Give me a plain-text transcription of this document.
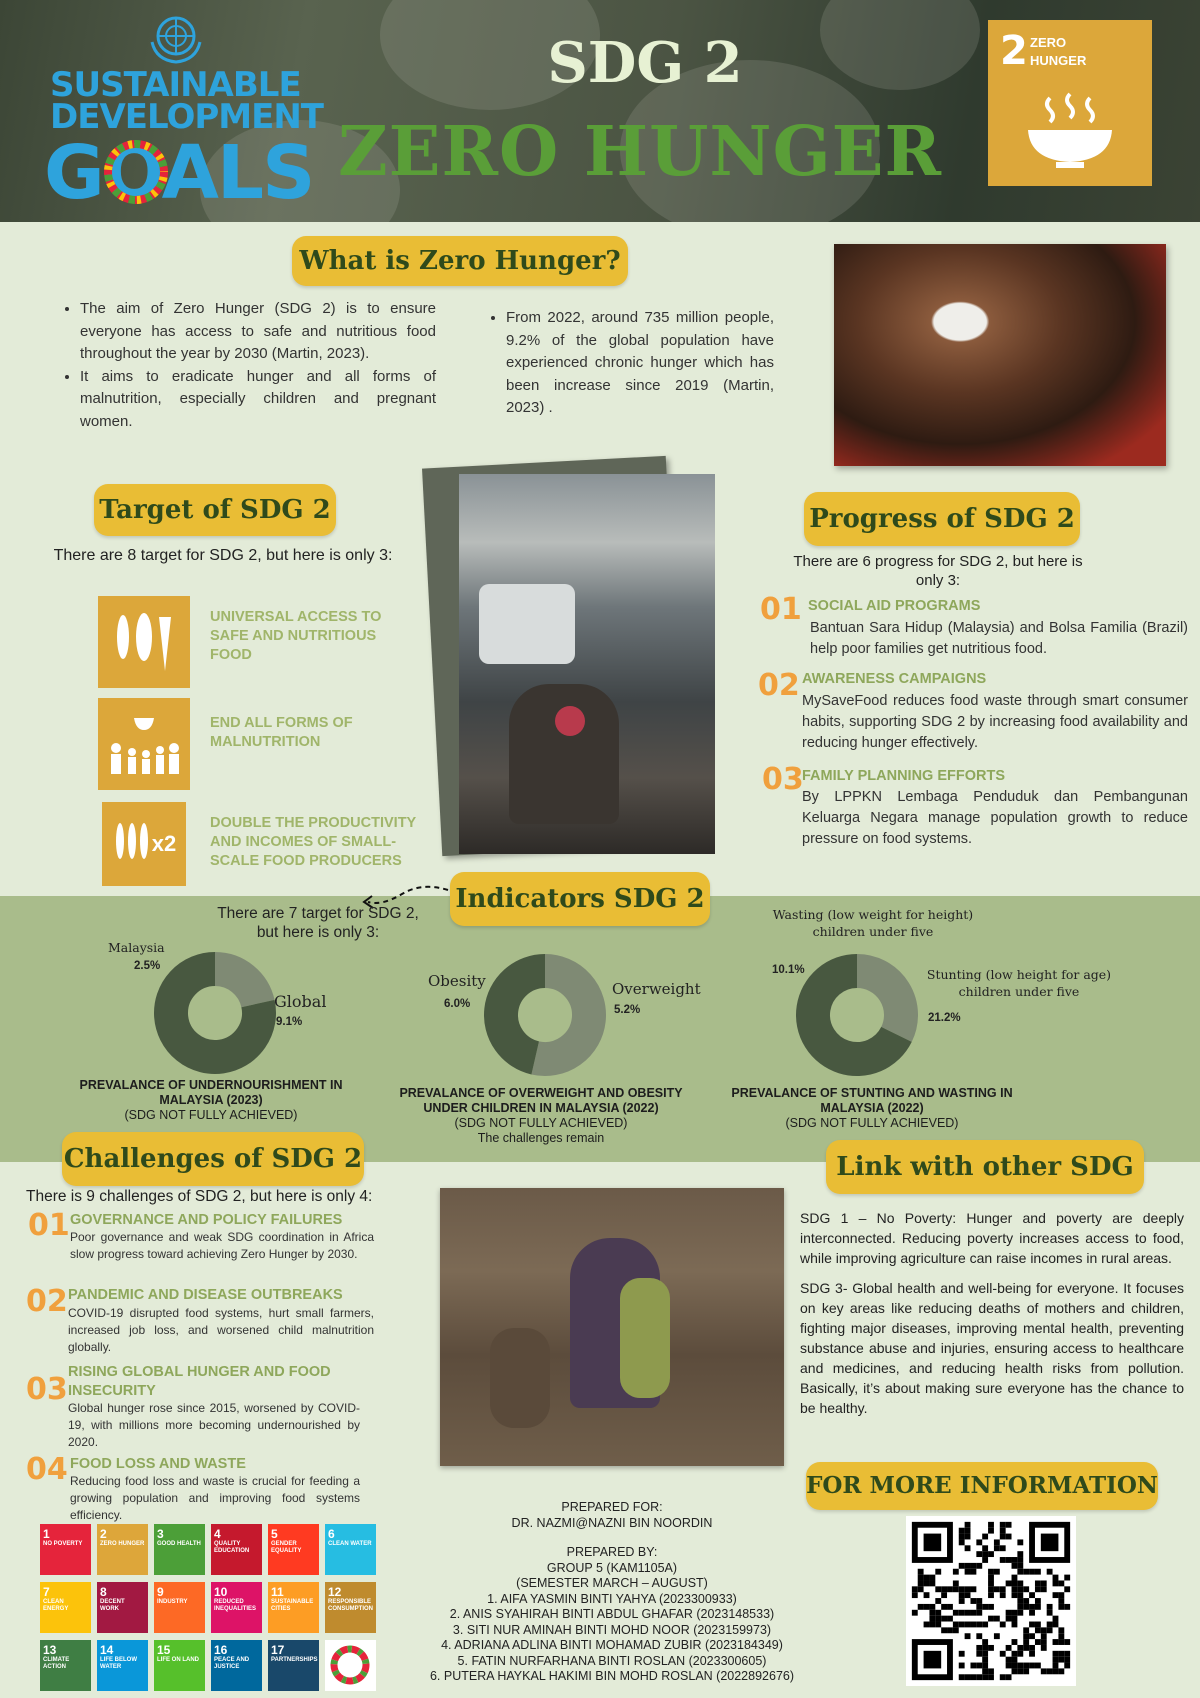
SUSTAINABLE
DEVELOPMENT
GOALS
SDG 2
ZERO HUNGER
2 ZERO
HUNGER
What is Zero Hunger?
• The aim of Zero Hunger (SDG 2) is to ensure everyone has access to safe and nutritious food throughout the year by 2030 (Martin, 2023).
• It aims to eradicate hunger and all forms of malnutrition, especially children and pregnant women.
• From 2022, around 735 million people, 9.2% of the global population have experienced chronic hunger which has been increase since 2019 (Martin, 2023) .
Target of SDG 2
There are 8 target for SDG 2, but here is only 3:
UNIVERSAL ACCESS TO SAFE AND NUTRITIOUS FOOD
END ALL FORMS OF MALNUTRITION
x2
DOUBLE THE PRODUCTIVITY AND INCOMES OF SMALL-SCALE FOOD PRODUCERS
Progress of SDG 2
There are 6 progress for SDG 2, but here is only 3:
01 SOCIAL AID PROGRAMS
Bantuan Sara Hidup (Malaysia) and Bolsa Familia (Brazil) help poor families get nutritious food.
02 AWARENESS CAMPAIGNS
MySaveFood reduces food waste through smart consumer habits, supporting SDG 2 by increasing food availability and reducing hunger effectively.
03
FAMILY PLANNING EFFORTS
By LPPKN Lembaga Penduduk dan Pembangunan Keluarga Negara manage population growth to reduce pressure on food systems.
Indicators SDG 2
There are 7 target for SDG 2, but here is only 3:
Malaysia
2.5%
Global
9.1%
PREVALANCE OF UNDERNOURISHMENT IN MALAYSIA (2023)
(SDG NOT FULLY ACHIEVED)
Obesity
6.0%
Overweight
5.2%
PREVALANCE OF OVERWEIGHT AND OBESITY UNDER CHILDREN IN MALAYSIA (2022)
(SDG NOT FULLY ACHIEVED)
The challenges remain
Wasting (low weight for height) children under five
10.1%	Stunting (low height for age) children under five
21.2%
PREVALANCE OF STUNTING AND WASTING IN MALAYSIA (2022)
(SDG NOT FULLY ACHIEVED)
Challenges of SDG 2
There is 9 challenges of SDG 2, but here is only 4:
01 GOVERNANCE AND POLICY FAILURES
Poor governance and weak SDG coordination in Africa slow progress toward achieving Zero Hunger by 2030.
02 PANDEMIC AND DISEASE OUTBREAKS
COVID-19 disrupted food systems, hurt small farmers, increased job loss, and worsened child malnutrition globally.
03 RISING GLOBAL HUNGER AND FOOD INSECURITY
Global hunger rose since 2015, worsened by COVID-19, with millions more becoming undernourished by 2020.
04 FOOD LOSS AND WASTE
Reducing food loss and waste is crucial for feeding a growing population and improving food systems efficiency.
1
NO POVERTY
2
ZERO HUNGER
3
GOOD HEALTH
4
QUALITY EDUCATION
5
GENDER EQUALITY
6
CLEAN WATER
7
CLEAN ENERGY
8
DECENT WORK
9
INDUSTRY
10
REDUCED INEQUALITIES
11
SUSTAINABLE CITIES
12
RESPONSIBLE CONSUMPTION
13
CLIMATE ACTION
14
LIFE BELOW WATER
15
LIFE ON LAND
16
PEACE AND JUSTICE
17
PARTNERSHIPS
PREPARED FOR:
DR. NAZMI@NAZNI BIN NOORDIN
PREPARED BY:
GROUP 5 (KAM1105A)
(SEMESTER MARCH – AUGUST)
1. AIFA YASMIN BINTI YAHYA (2023300933)
2. ANIS SYAHIRAH BINTI ABDUL GHAFAR (2023148533)
3. SITI NUR AMINAH BINTI MOHD NOOR (2023159973)
4. ADRIANA ADLINA BINTI MOHAMAD ZUBIR (2023184349)
5. FATIN NURFARHANA BINTI ROSLAN (2023300605)
6. PUTERA HAYKAL HAKIMI BIN MOHD ROSLAN (2022892676)
Link with other SDG

SDG 1 – No Poverty: Hunger and poverty are deeply interconnected. Reducing poverty increases access to food, while improving agriculture can raise incomes in rural areas.

SDG 3- Global health and well-being for everyone. It focuses on key areas like reducing deaths of mothers and children, fighting major diseases, improving mental health, preventing substance abuse and injuries, ensuring access to healthcare and medicines, and reducing health risks from pollution. Basically, it’s about making sure everyone has the chance to be healthy.

FOR MORE INFORMATION
